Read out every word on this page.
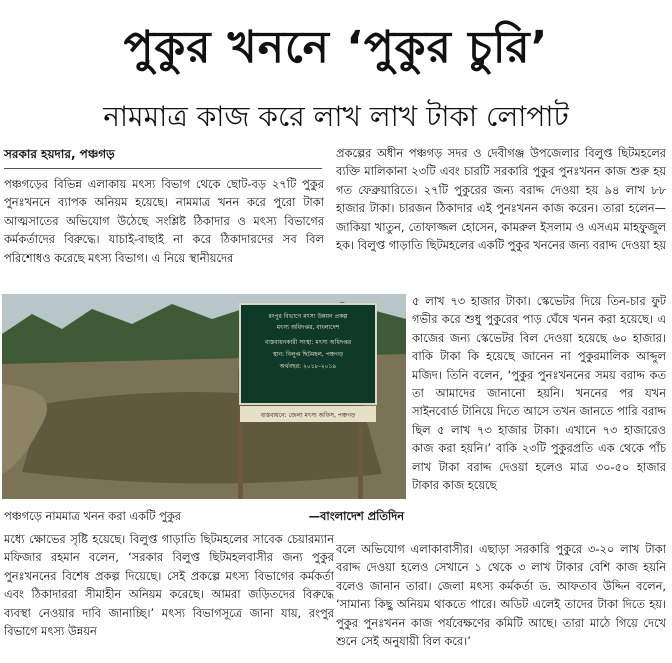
পুকুর খননে ‘পুকুর চুরি’
নামমাত্র কাজ করে লাখ লাখ টাকা লোপাট
সরকার হয়দার, পঞ্চগড়
পঞ্চগড়ের বিভিন্ন এলাকায় মৎস্য বিভাগ থেকে ছোট-বড় ২৭টি পুকুর পুনঃখননে ব্যাপক অনিয়ম হয়েছে। নামমাত্র খনন করে পুরো টাকা আত্মসাতের অভিযোগ উঠেছে সংশ্লিষ্ট ঠিকাদার ও মৎস্য বিভাগের কর্মকর্তাদের বিরুদ্ধে। যাচাই-বাছাই না করে ঠিকাদারদের সব বিল পরিশোধও করেছে মৎস্য বিভাগ। এ নিয়ে স্থানীয়দের
প্রকল্পের অধীন পঞ্চগড় সদর ও দেবীগঞ্জ উপজেলার বিলুপ্ত ছিটমহলের ব্যক্তি মালিকানা ২৩টি এবং চারটি সরকারি পুকুর পুনঃখনন কাজ শুরু হয় গত ফেব্রুয়ারিতে। ২৭টি পুকুরের জন্য বরাদ্দ দেওয়া হয় ৯৪ লাখ ৮৮ হাজার টাকা। চারজন ঠিকাদার এই পুনঃখনন কাজ করেন। তারা হলেন— জাকিয়া খাতুন, তোফাজ্জল হোসেন, কামরুল ইসলাম ও এসএম মাহফুজুল হক। বিলুপ্ত গাড়াতি ছিটমহলের একটি পুকুর খননের জন্য বরাদ্দ দেওয়া হয়
৫ লাখ ৭৩ হাজার টাকা। স্কেভেটর দিয়ে তিন-চার ফুট গভীর করে শুধু পুকুরের পাড় ঘেঁষে খনন করা হয়েছে। এ কাজের জন্য স্কেভেটর বিল দেওয়া হয়েছে ৬০ হাজার। বাকি টাকা কি হয়েছে জানেন না পুকুরমালিক আব্দুল মজিদ। তিনি বলেন, ‘পুকুর পুনঃখননের সময় বরাদ্দ কত তা আমাদের জানানো হয়নি। খননের পর যখন সাইনবোর্ড টানিয়ে দিতে আসে তখন জানতে পারি বরাদ্দ ছিল ৫ লাখ ৭৩ হাজার টাকা। এখানে ৭৩ হাজারেও কাজ করা হয়নি।’ বাকি ২৩টি পুকুরপ্রতি এক থেকে পাঁচ লাখ টাকা বরাদ্দ দেওয়া হলেও মাত্র ৩০-৫০ হাজার টাকার কাজ হয়েছে
রংপুর বিভাগে মৎস্য উন্নয়ন প্রকল্প
মৎস্য অধিদপ্তর, বাংলাদেশ
বাস্তবায়নকারী সংস্থা: মৎস্য অধিদপ্তর
স্থান: বিলুপ্ত ছিটমহল, পঞ্চগড়
অর্থবছর: ২০১৮-২০১৯
বাস্তবায়নে: জেলা মৎস্য অফিস, পঞ্চগড়
পঞ্চগড়ে নামমাত্র খনন করা একটি পুকুর	—বাংলাদেশ প্রতিদিন
মধ্যে ক্ষোভের সৃষ্টি হয়েছে। বিলুপ্ত গাড়াতি ছিটমহলের সাবেক চেয়ারম্যান মফিজার রহমান বলেন, ‘সরকার বিলুপ্ত ছিটমহলবাসীর জন্য পুকুর পুনঃখননের বিশেষ প্রকল্প দিয়েছে। সেই প্রকল্পে মৎস্য বিভাগের কর্মকর্তা এবং ঠিকাদাররা সীমাহীন অনিয়ম করেছে। আমরা জড়িতদের বিরুদ্ধে ব্যবস্থা নেওয়ার দাবি জানাচ্ছি।’ মৎস্য বিভাগসূত্রে জানা যায়, রংপুর বিভাগে মৎস্য উন্নয়ন
বলে অভিযোগ এলাকাবাসীর। এছাড়া সরকারি পুকুরে ৩-২০ লাখ টাকা বরাদ্দ দেওয়া হলেও সেখানে ১ থেকে ৩ লাখ টাকার বেশি কাজ হয়নি বলেও জানান তারা। জেলা মৎস্য কর্মকর্তা ড. আফতাব উদ্দিন বলেন, ‘সামান্য কিছু অনিয়ম থাকতে পারে। অডিট এলেই তাদের টাকা দিতে হয়। পুকুর পুনঃখনন কাজ পর্যবেক্ষণের কমিটি আছে। তারা মাঠে গিয়ে দেখে শুনে সেই অনুযায়ী বিল করে।’
